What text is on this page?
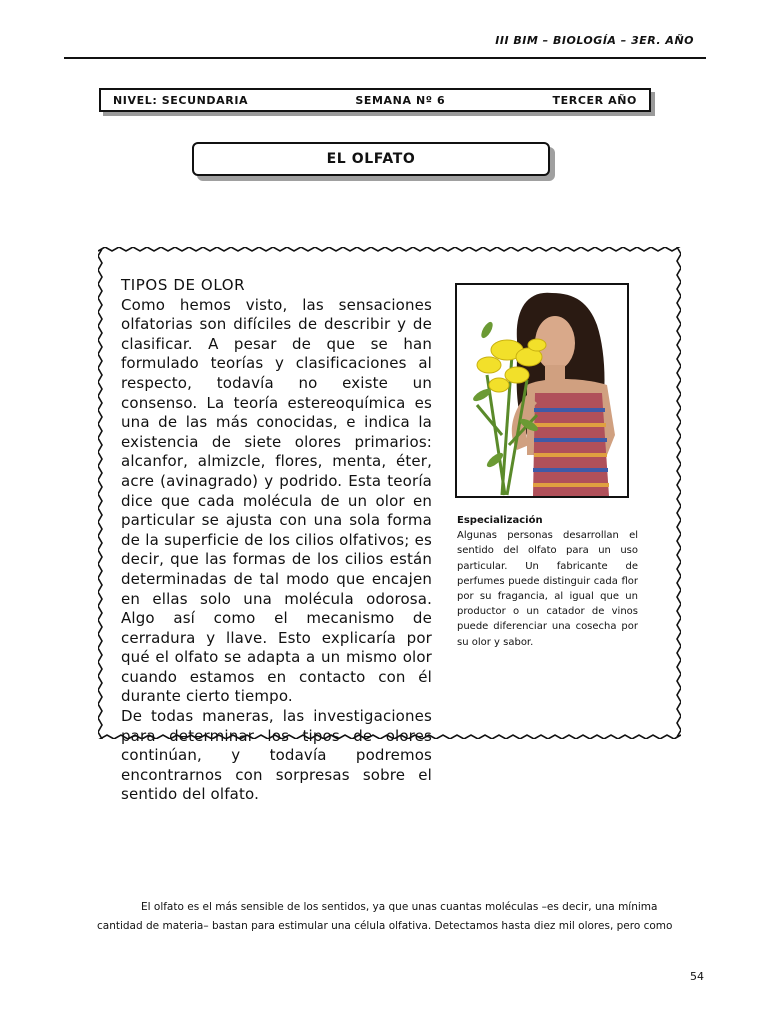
III BIM – BIOLOGÍA – 3ER. AÑO
NIVEL: SECUNDARIA	SEMANA Nº 6	TERCER AÑO
EL OLFATO
TIPOS DE OLOR

Como hemos visto, las sensaciones olfatorias son difíciles de describir y de clasificar. A pesar de que se han formulado teorías y clasificaciones al respecto, todavía no existe un consenso. La teoría estereoquímica es una de las más conocidas, e indica la existencia de siete olores primarios: alcanfor, almizcle, flores, menta, éter, acre (avinagrado) y podrido. Esta teoría dice que cada molécula de un olor en particular se ajusta con una sola forma de la superficie de los cilios olfativos; es decir, que las formas de los cilios están determinadas de tal modo que encajen en ellas solo una molécula odorosa. Algo así como el mecanismo de cerradura y llave. Esto explicaría por qué el olfato se adapta a un mismo olor cuando estamos en contacto con él durante cierto tiempo.

De todas maneras, las investigaciones para determinar los tipos de olores continúan, y todavía podremos encontrarnos con sorpresas sobre el sentido del olfato.

Especialización
Algunas personas desarrollan el sentido del olfato para un uso particular. Un fabricante de perfumes puede distinguir cada flor por su fragancia, al igual que un productor o un catador de vinos puede diferenciar una cosecha por su olor y sabor.
El olfato es el más sensible de los sentidos, ya que unas cuantas moléculas –es decir, una mínima
cantidad de materia– bastan para estimular una célula olfativa. Detectamos hasta diez mil olores, pero como
54
